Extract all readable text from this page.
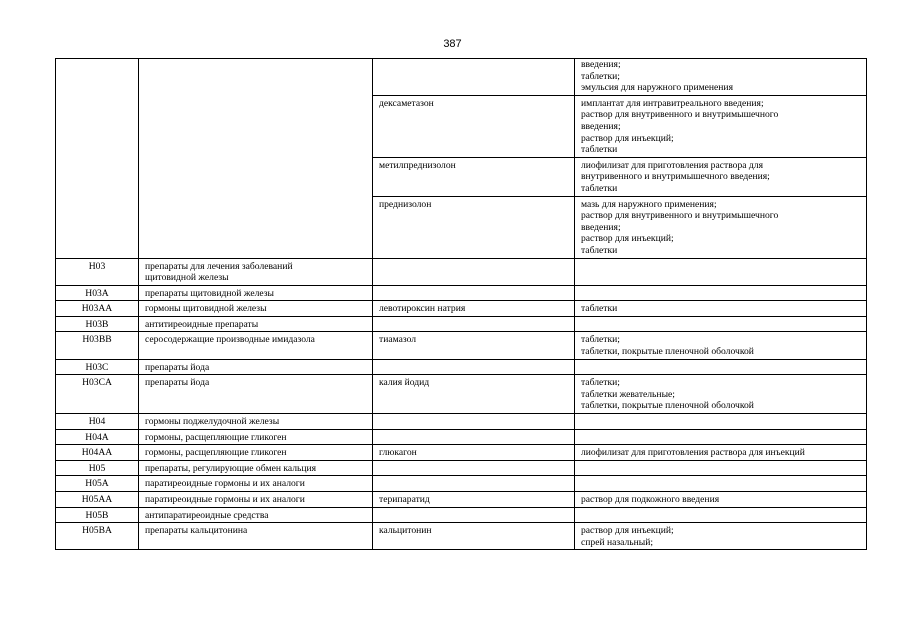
387

			введения;
таблетки;
эмульсия для наружного применения

		дексаметазон	имплантат для интравитреального введения;
раствор для внутривенного и внутримышечного
введения;
раствор для инъекций;
таблетки

		метилпреднизолон	лиофилизат для приготовления раствора для
внутривенного и внутримышечного введения;
таблетки

		преднизолон	мазь для наружного применения;
раствор для внутривенного и внутримышечного
введения;
раствор для инъекций;
таблетки

H03	препараты для лечения заболеваний
щитовидной железы		

H03A	препараты щитовидной железы		

H03AA	гормоны щитовидной железы	левотироксин натрия	таблетки

H03B	антитиреоидные препараты		

H03BB	серосодержащие производные имидазола	тиамазол	таблетки;
таблетки, покрытые пленочной оболочкой

H03C	препараты йода		

H03CA	препараты йода	калия йодид	таблетки;
таблетки жевательные;
таблетки, покрытые пленочной оболочкой

H04	гормоны поджелудочной железы		

H04A	гормоны, расщепляющие гликоген		

H04AA	гормоны, расщепляющие гликоген	глюкагон	лиофилизат для приготовления раствора для инъекций

H05	препараты, регулирующие обмен кальция		

H05A	паратиреоидные гормоны и их аналоги		

H05AA	паратиреоидные гормоны и их аналоги	терипаратид	раствор для подкожного введения

H05B	антипаратиреоидные средства		

H05BA	препараты кальцитонина	кальцитонин	раствор для инъекций;
спрей назальный;
